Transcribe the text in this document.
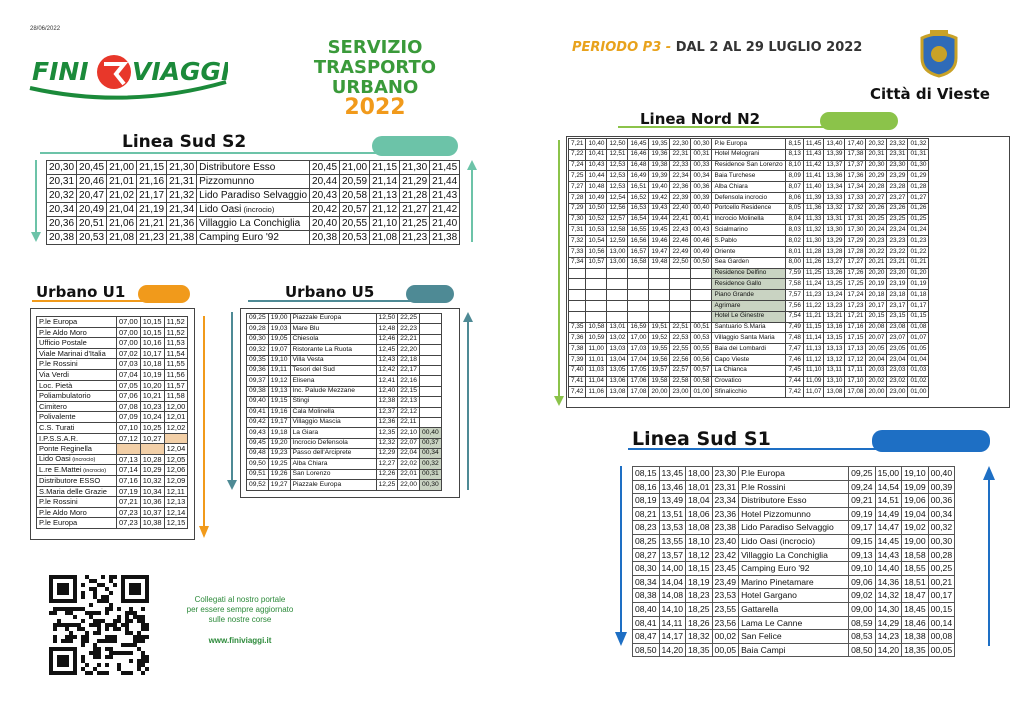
28/06/2022
FINI VIAGGI
SERVIZIO
TRASPORTO URBANO
2022
PERIODO P3 - DAL 2 AL 29 LUGLIO 2022
Città di Vieste
Linea Sud S2
20,30	20,45	21,00	21,15	21,30	Distributore Esso	20,45	21,00	21,15	21,30	21,45
20,31	20,46	21,01	21,16	21,31	Pizzomunno	20,44	20,59	21,14	21,29	21,44
20,32	20,47	21,02	21,17	21,32	Lido Paradiso Selvaggio	20,43	20,58	21,13	21,28	21,43
20,34	20,49	21,04	21,19	21,34	Lido Oasi (incrocio)	20,42	20,57	21,12	21,27	21,42
20,36	20,51	21,06	21,21	21,36	Villaggio La Conchiglia	20,40	20,55	21,10	21,25	21,40
20,38	20,53	21,08	21,23	21,38	Camping Euro '92	20,38	20,53	21,08	21,23	21,38
Urbano U1
P.le Europa	07,00	10,15	11,52
P.le Aldo Moro	07,00	10,15	11,52
Ufficio Postale	07,00	10,16	11,53
Viale Marinai d'Italia	07,02	10,17	11,54
P.le Rossini	07,03	10,18	11,55
Via Verdi	07,04	10,19	11,56
Loc. Pietà	07,05	10,20	11,57
Poliambulatorio	07,06	10,21	11,58
Cimitero	07,08	10,23	12,00
Polivalente	07,09	10,24	12,01
C.S. Turati	07,10	10,25	12,02
I.P.S.S.A.R.	07,12	10,27	
Ponte Reginella			12,04
Lido Oasi (incrocio)	07,13	10,28	12,05
L.re E.Mattei (incrocio)	07,14	10,29	12,06
Distributore ESSO	07,16	10,32	12,09
S.Maria delle Grazie	07,19	10,34	12,11
P.le Rossini	07,21	10,36	12,13
P.le Aldo Moro	07,23	10,37	12,14
P.le Europa	07,23	10,38	12,15
Urbano U5
09,25	19,00	Piazzale Europa	12,50	22,25	
09,28	19,03	Mare Blu	12,48	22,23	
09,30	19,05	Chiesola	12,46	22,21	
09,32	19,07	Ristorante La Ruota	12,45	22,20	
09,35	19,10	Villa Vesta	12,43	22,18	
09,36	19,11	Tesori del Sud	12,42	22,17	
09,37	19,12	Elisena	12,41	22,16	
09,38	19,13	Inc. Palude Mezzane	12,40	22,15	
09,40	19,15	Stingi	12,38	22,13	
09,41	19,16	Cala Molinella	12,37	22,12	
09,42	19,17	Villaggio Mascia	12,36	22,11	
09,43	19,18	La Giara	12,35	22,10	00,40
09,45	19,20	Incrocio Defensola	12,32	22,07	00,37
09,48	19,23	Passo dell'Arciprete	12,29	22,04	00,34
09,50	19,25	Alba Chiara	12,27	22,02	00,32
09,51	19,26	San Lorenzo	12,26	22,01	00,31
09,52	19,27	Piazzale Europa	12,25	22,00	00,30
Linea Nord N2
7,21	10,40	12,50	16,45	19,35	22,30	00,30	P.le Europa	8,15	11,45	13,40	17,40	20,32	23,32	01,32
7,22	10,41	12,51	16,46	19,36	22,31	00,31	Hotel Melograni	8,13	11,43	13,39	17,38	20,31	23,31	01,31
7,24	10,43	12,53	16,48	19,38	22,33	00,33	Residence San Lorenzo	8,10	11,42	13,37	17,37	20,30	23,30	01,30
7,25	10,44	12,53	16,49	19,39	22,34	00,34	Baia Turchese	8,09	11,41	13,36	17,36	20,29	23,29	01,29
7,27	10,48	12,53	16,51	19,40	22,36	00,36	Alba Chiara	8,07	11,40	13,34	17,34	20,28	23,28	01,28
7,28	10,49	12,54	16,52	19,42	22,39	00,39	Defensola incrocio	8,06	11,39	13,33	17,33	20,27	23,27	01,27
7,29	10,50	12,56	16,53	19,43	22,40	00,40	Portcello Residence	8,05	11,36	13,32	17,32	20,26	23,26	01,26
7,30	10,52	12,57	16,54	19,44	22,41	00,41	Incrocio Molinella	8,04	11,33	13,31	17,31	20,25	23,25	01,25
7,31	10,53	12,58	16,55	19,45	22,43	00,43	Scialmarino	8,03	11,32	13,30	17,30	20,24	23,24	01,24
7,32	10,54	12,59	16,56	19,46	22,46	00,46	S.Pablo	8,02	11,30	13,29	17,29	20,23	23,23	01,23
7,33	10,56	13,00	16,57	19,47	22,49	00,49	Oriente	8,01	11,28	13,28	17,28	20,22	23,22	01,22
7,34	10,57	13,00	16,58	19,48	22,50	00,50	Sea Garden	8,00	11,26	13,27	17,27	20,21	23,21	01,21
							Residence Delfino	7,59	11,25	13,26	17,26	20,20	23,20	01,20
							Residence Gallo	7,58	11,24	13,25	17,25	20,19	23,19	01,19
							Piano Grande	7,57	11,23	13,24	17,24	20,18	23,18	01,18
							Agrimare	7,56	11,22	13,23	17,23	20,17	23,17	01,17
							Hotel Le Ginestre	7,54	11,21	13,21	17,21	20,15	23,15	01,15
7,35	10,58	13,01	16,59	19,51	22,51	00,51	Santuario S.Maria	7,49	11,15	13,16	17,16	20,08	23,08	01,08
7,36	10,59	13,02	17,00	19,52	22,53	00,53	Villaggio Santa Maria	7,48	11,14	13,15	17,15	20,07	23,07	01,07
7,38	11,00	13,03	17,03	19,55	22,55	00,55	Baia dei Lombardi	7,47	11,13	13,13	17,13	20,05	23,05	01,05
7,39	11,01	13,04	17,04	19,56	22,56	00,56	Capo Vieste	7,46	11,12	13,12	17,12	20,04	23,04	01,04
7,40	11,03	13,05	17,05	19,57	22,57	00,57	La Chianca	7,45	11,10	13,11	17,11	20,03	23,03	01,03
7,41	11,04	13,06	17,06	19,58	22,58	00,58	Crovatico	7,44	11,09	13,10	17,10	20,02	23,02	01,02
7,42	11,06	13,08	17,08	20,00	23,00	01,00	Sfinalicchio	7,42	11,07	13,08	17,08	20,00	23,00	01,00
Linea Sud S1
08,15	13,45	18,00	23,30	P.le Europa	09,25	15,00	19,10	00,40
08,16	13,46	18,01	23,31	P.le Rossini	09,24	14,54	19,09	00,39
08,19	13,49	18,04	23,34	Distributore Esso	09,21	14,51	19,06	00,36
08,21	13,51	18,06	23,36	Hotel Pizzomunno	09,19	14,49	19,04	00,34
08,23	13,53	18,08	23,38	Lido Paradiso Selvaggio	09,17	14,47	19,02	00,32
08,25	13,55	18,10	23,40	Lido Oasi (incrocio)	09,15	14,45	19,00	00,30
08,27	13,57	18,12	23,42	Villaggio La Conchiglia	09,13	14,43	18,58	00,28
08,30	14,00	18,15	23,45	Camping Euro '92	09,10	14,40	18,55	00,25
08,34	14,04	18,19	23,49	Marino Pinetamare	09,06	14,36	18,51	00,21
08,38	14,08	18,23	23,53	Hotel Gargano	09,02	14,32	18,47	00,17
08,40	14,10	18,25	23,55	Gattarella	09,00	14,30	18,45	00,15
08,41	14,11	18,26	23,56	Lama Le Canne	08,59	14,29	18,46	00,14
08,47	14,17	18,32	00,02	San Felice	08,53	14,23	18,38	00,08
08,50	14,20	18,35	00,05	Baia Campi	08,50	14,20	18,35	00,05
Collegati al nostro portale
per essere sempre aggiornato
sulle nostre corse
www.finiviaggi.it
